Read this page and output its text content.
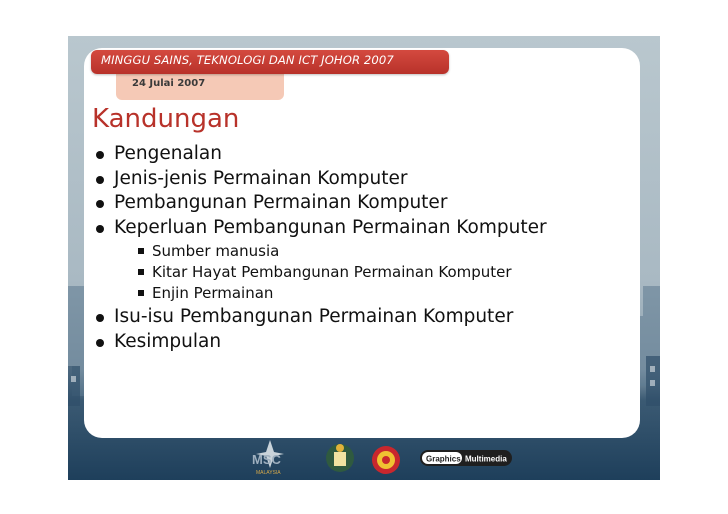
MINGGU SAINS, TEKNOLOGI DAN ICT JOHOR 2007
24 Julai 2007
Kandungan
Pengenalan
Jenis-jenis Permainan Komputer
Pembangunan Permainan Komputer
Keperluan Pembangunan Permainan Komputer
Sumber manusia
Kitar Hayat Pembangunan Permainan Komputer
Enjin Permainan
Isu-isu Pembangunan Permainan Komputer
Kesimpulan
MSC
MALAYSIA
Graphics Multimedia
